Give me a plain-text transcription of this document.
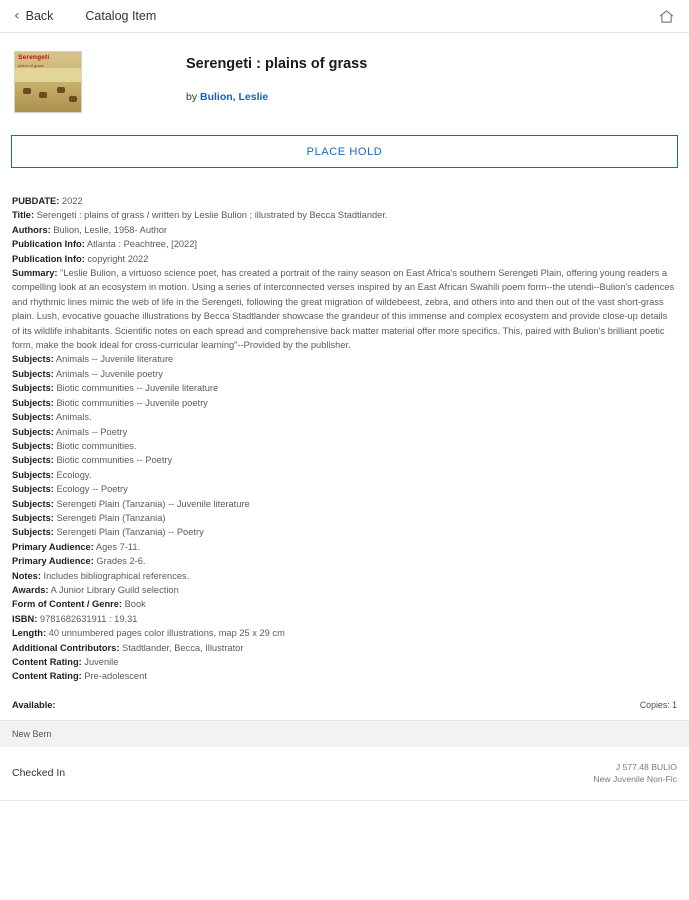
‹ Back	Catalog Item
Serengeti
plains of grass	Serengeti : plains of grass
by Bulion, Leslie
PLACE HOLD
PUBDATE: 2022
Title: Serengeti : plains of grass / written by Leslie Bulion ; illustrated by Becca Stadtlander.
Authors: Bulion, Leslie, 1958- Author
Publication Info: Atlanta : Peachtree, [2022]
Publication Info: copyright 2022
Summary: "Leslie Bulion, a virtuoso science poet, has created a portrait of the rainy season on East Africa's southern Serengeti Plain, offering young readers a compelling look at an ecosystem in motion. Using a series of interconnected verses inspired by an East African Swahili poem form--the utendi--Bulion's cadences and rhythmic lines mimic the web of life in the Serengeti, following the great migration of wildebeest, zebra, and others into and then out of the vast short-grass plain. Lush, evocative gouache illustrations by Becca Stadtlander showcase the grandeur of this immense and complex ecosystem and provide close-up details of its wildlife inhabitants. Scientific notes on each spread and comprehensive back matter material offer more specifics. This, paired with Bulion's brilliant poetic form, make the book ideal for cross-curricular learning"--Provided by the publisher.
Subjects: Animals -- Juvenile literature
Subjects: Animals -- Juvenile poetry
Subjects: Biotic communities -- Juvenile literature
Subjects: Biotic communities -- Juvenile poetry
Subjects: Animals.
Subjects: Animals -- Poetry
Subjects: Biotic communities.
Subjects: Biotic communities -- Poetry
Subjects: Ecology.
Subjects: Ecology -- Poetry
Subjects: Serengeti Plain (Tanzania) -- Juvenile literature
Subjects: Serengeti Plain (Tanzania)
Subjects: Serengeti Plain (Tanzania) -- Poetry
Primary Audience: Ages 7-11.
Primary Audience: Grades 2-6.
Notes: Includes bibliographical references.
Awards: A Junior Library Guild selection
Form of Content / Genre: Book
ISBN: 9781682631911 : 19.31
Length: 40 unnumbered pages color illustrations, map 25 x 29 cm
Additional Contributors: Stadtlander, Becca, Illustrator
Content Rating: Juvenile
Content Rating: Pre-adolescent
Available:	Copies: 1
New Bern
Checked In
J 577.48 BULIO
New Juvenile Non-Fic
